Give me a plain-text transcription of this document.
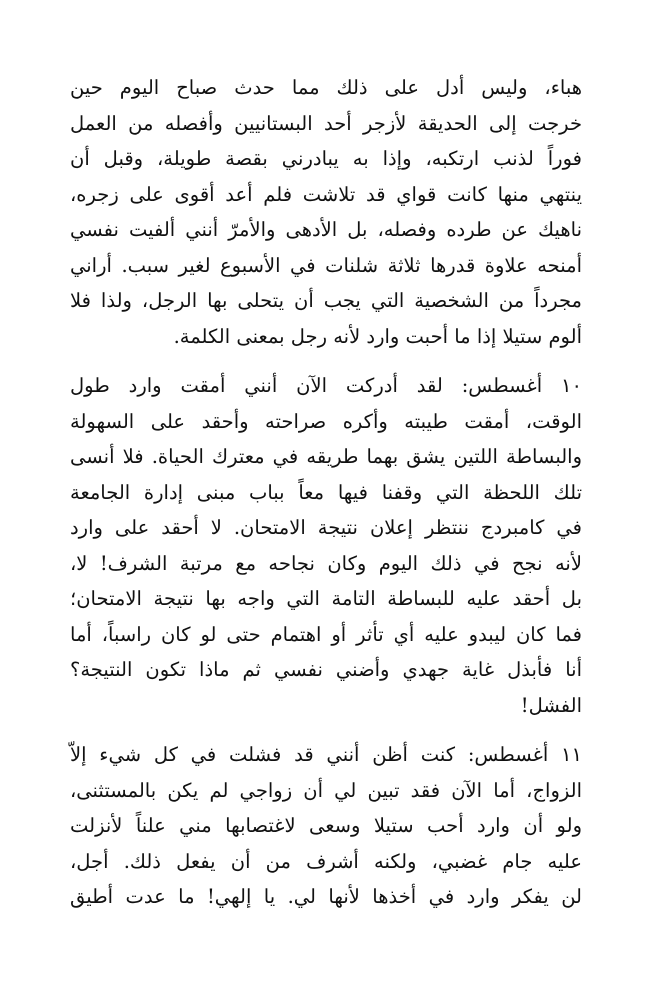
هباء، وليس أدل على ذلك مما حدث صباح اليوم حين
خرجت إلى الحديقة لأزجر أحد البستانيين وأفصله من العمل
فوراً لذنب ارتكبه، وإذا به يبادرني بقصة طويلة، وقبل أن
ينتهي منها كانت قواي قد تلاشت فلم أعد أقوى على زجره،
ناهيك عن طرده وفصله، بل الأدهى والأمرّ أنني ألفيت نفسي
أمنحه علاوة قدرها ثلاثة شلنات في الأسبوع لغير سبب. أراني
مجرداً من الشخصية التي يجب أن يتحلى بها الرجل، ولذا فلا
ألوم ستيلا إذا ما أحبت وارد لأنه رجل بمعنى الكلمة.
١٠ أغسطس: لقد أدركت الآن أنني أمقت وارد طول
الوقت، أمقت طيبته وأكره صراحته وأحقد على السهولة
والبساطة اللتين يشق بهما طريقه في معترك الحياة. فلا أنسى
تلك اللحظة التي وقفنا فيها معاً بباب مبنى إدارة الجامعة
في كامبردج ننتظر إعلان نتيجة الامتحان. لا أحقد على وارد
لأنه نجح في ذلك اليوم وكان نجاحه مع مرتبة الشرف! لا،
بل أحقد عليه للبساطة التامة التي واجه بها نتيجة الامتحان؛
فما كان ليبدو عليه أي تأثر أو اهتمام حتى لو كان راسباً، أما
أنا فأبذل غاية جهدي وأضني نفسي ثم ماذا تكون النتيجة؟
الفشل!
١١ أغسطس: كنت أظن أنني قد فشلت في كل شيء إلاّ
الزواج، أما الآن فقد تبين لي أن زواجي لم يكن بالمستثنى،
ولو أن وارد أحب ستيلا وسعى لاغتصابها مني علناً لأنزلت
عليه جام غضبي، ولكنه أشرف من أن يفعل ذلك. أجل،
لن يفكر وارد في أخذها لأنها لي. يا إلهي! ما عدت أطيق
